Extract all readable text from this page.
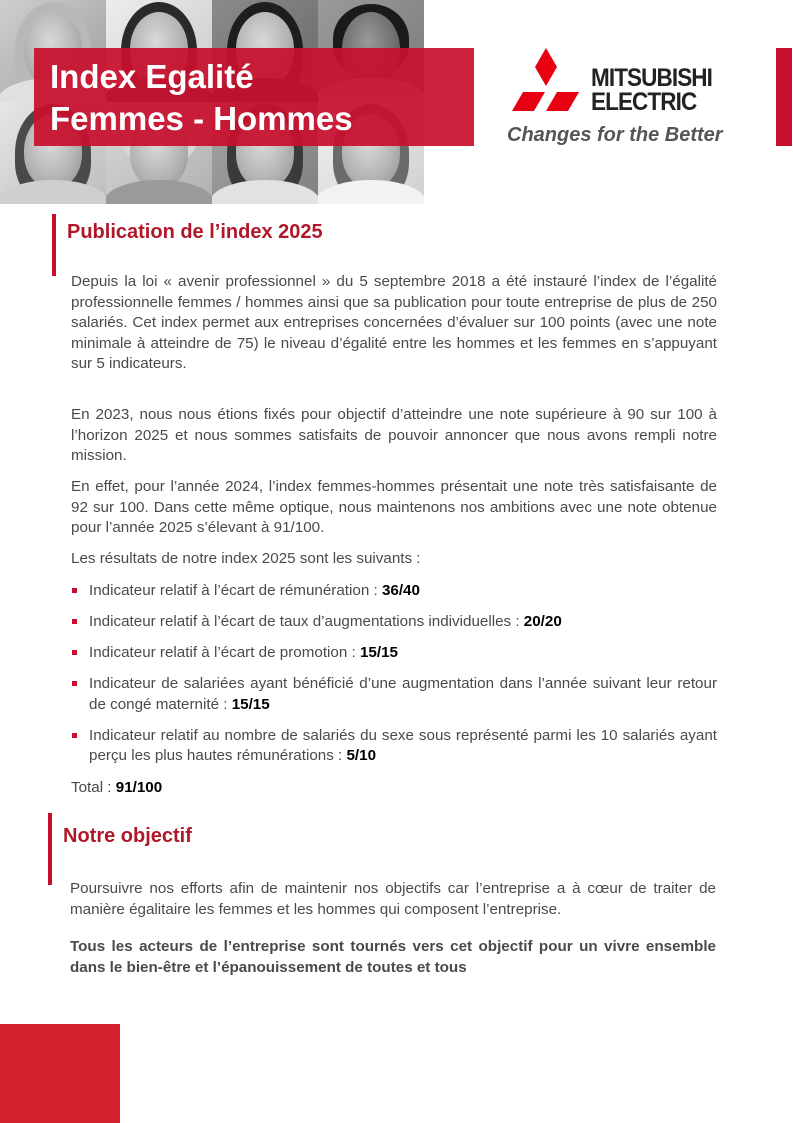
Index Egalité
Femmes - Hommes
MITSUBISHI
ELECTRIC
Changes for the Better
Publication de l’index 2025

Depuis la loi « avenir professionnel » du 5 septembre 2018 a été instauré l’index de l’égalité professionnelle femmes / hommes ainsi que sa publication pour toute entreprise de plus de 250 salariés. Cet index permet aux entreprises concernées d’évaluer sur 100 points (avec une note minimale à atteindre de 75) le niveau d’égalité entre les hommes et les femmes en s’appuyant sur 5 indicateurs.

En 2023, nous nous étions fixés pour objectif d’atteindre une note supérieure à 90 sur 100 à l’horizon 2025 et nous sommes satisfaits de pouvoir annoncer que nous avons rempli notre mission.

En effet, pour l’année 2024, l’index femmes-hommes présentait une note très satisfaisante de 92 sur 100. Dans cette même optique, nous maintenons nos ambitions avec une note obtenue pour l’année 2025 s’élevant à 91/100.

Les résultats de notre index 2025 sont les suivants :

Indicateur relatif à l’écart de rémunération : 36/40
Indicateur relatif à l’écart de taux d’augmentations individuelles : 20/20
Indicateur relatif à l’écart de promotion : 15/15
Indicateur de salariées ayant bénéficié d’une augmentation dans l’année suivant leur retour de congé maternité : 15/15
Indicateur relatif au nombre de salariés du sexe sous représenté parmi les 10 salariés ayant perçu les plus hautes rémunérations : 5/10

Total : 91/100

Notre objectif

Poursuivre nos efforts afin de maintenir nos objectifs car l’entreprise a à cœur de traiter de manière égalitaire les femmes et les hommes qui composent l’entreprise.

Tous les acteurs de l’entreprise sont tournés vers cet objectif pour un vivre ensemble dans le bien-être et l’épanouissement de toutes et tous
